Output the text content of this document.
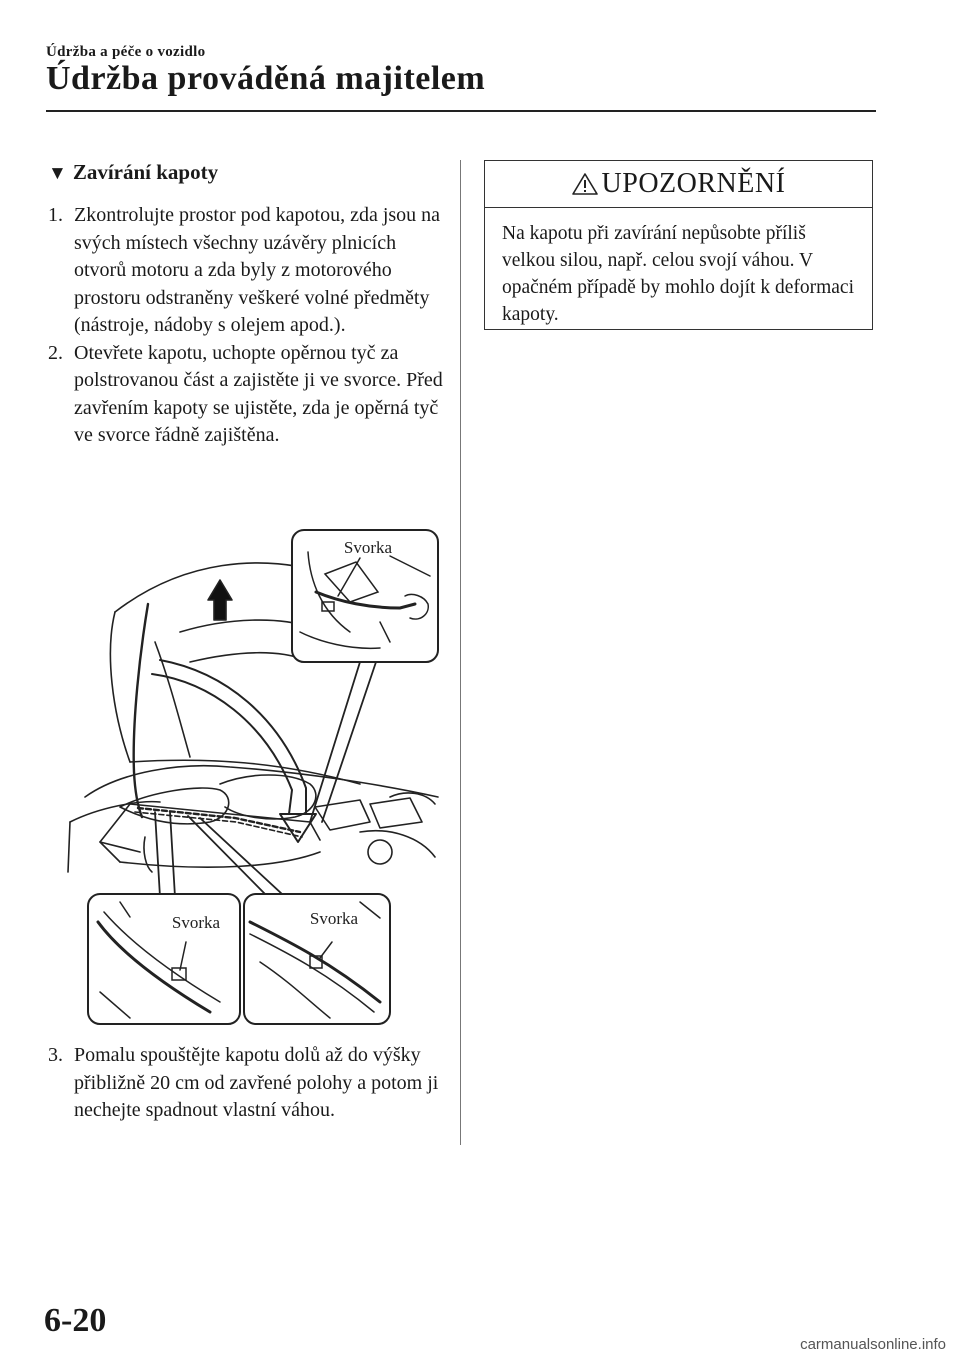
Údržba a péče o vozidlo
Údržba prováděná majitelem
▼ Zavírání kapoty
1. Zkontrolujte prostor pod kapotou, zda jsou na svých místech všechny uzávěry plnicích otvorů motoru a zda byly z motorového prostoru odstraněny veškeré volné předměty (nástroje, nádoby s olejem apod.).
2. Otevřete kapotu, uchopte opěrnou tyč za polstrovanou část a zajistěte ji ve svorce. Před zavřením kapoty se ujistěte, zda je opěrná tyč ve svorce řádně zajištěna.
Svorka
Svorka	Svorka
3. Pomalu spouštějte kapotu dolů až do výšky přibližně 20 cm od zavřené polohy a potom ji nechejte spadnout vlastní váhou.
UPOZORNĚNÍ

Na kapotu při zavírání nepůsobte příliš velkou silou, např. celou svojí váhou. V opačném případě by mohlo dojít k deformaci kapoty.

6-20
carmanualsonline.info
